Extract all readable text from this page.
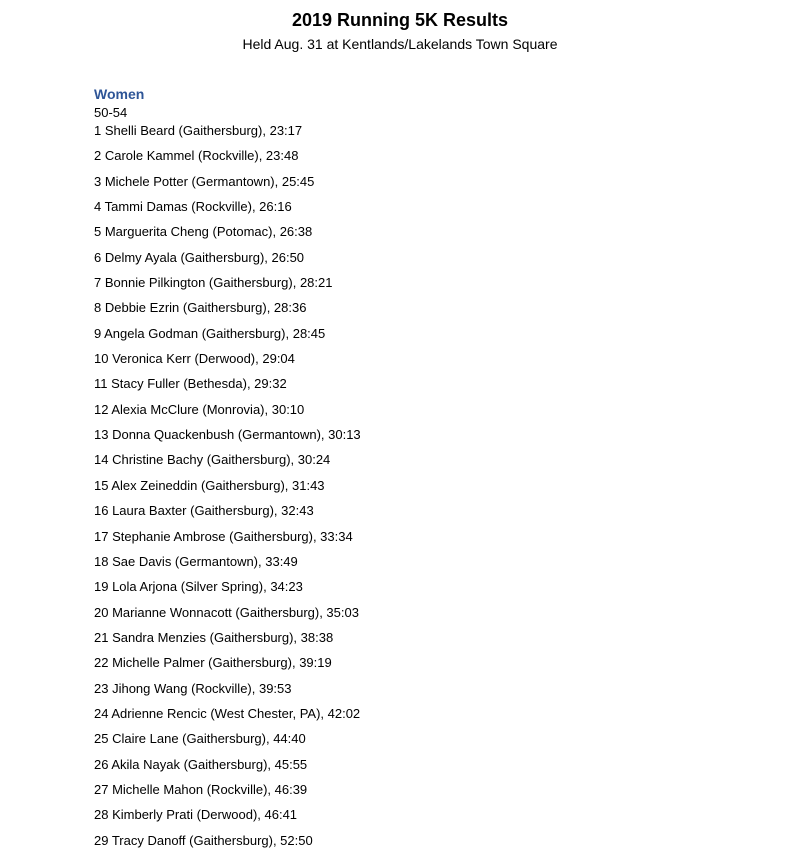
2019 Running 5K Results
Held Aug. 31 at Kentlands/Lakelands Town Square
Women
50-54
1 Shelli Beard (Gaithersburg), 23:17
2 Carole Kammel (Rockville), 23:48
3 Michele Potter (Germantown), 25:45
4 Tammi Damas (Rockville), 26:16
5 Marguerita Cheng (Potomac), 26:38
6 Delmy Ayala (Gaithersburg), 26:50
7 Bonnie Pilkington (Gaithersburg), 28:21
8 Debbie Ezrin (Gaithersburg), 28:36
9 Angela Godman (Gaithersburg), 28:45
10 Veronica Kerr (Derwood), 29:04
11 Stacy Fuller (Bethesda), 29:32
12 Alexia McClure (Monrovia), 30:10
13 Donna Quackenbush (Germantown), 30:13
14 Christine Bachy (Gaithersburg), 30:24
15 Alex Zeineddin (Gaithersburg), 31:43
16 Laura Baxter (Gaithersburg), 32:43
17 Stephanie Ambrose (Gaithersburg), 33:34
18 Sae Davis (Germantown), 33:49
19 Lola Arjona (Silver Spring), 34:23
20 Marianne Wonnacott (Gaithersburg), 35:03
21 Sandra Menzies (Gaithersburg), 38:38
22 Michelle Palmer (Gaithersburg), 39:19
23 Jihong Wang (Rockville), 39:53
24 Adrienne Rencic (West Chester, PA), 42:02
25 Claire Lane (Gaithersburg), 44:40
26 Akila Nayak (Gaithersburg), 45:55
27 Michelle Mahon (Rockville), 46:39
28 Kimberly Prati (Derwood), 46:41
29 Tracy Danoff (Gaithersburg), 52:50
